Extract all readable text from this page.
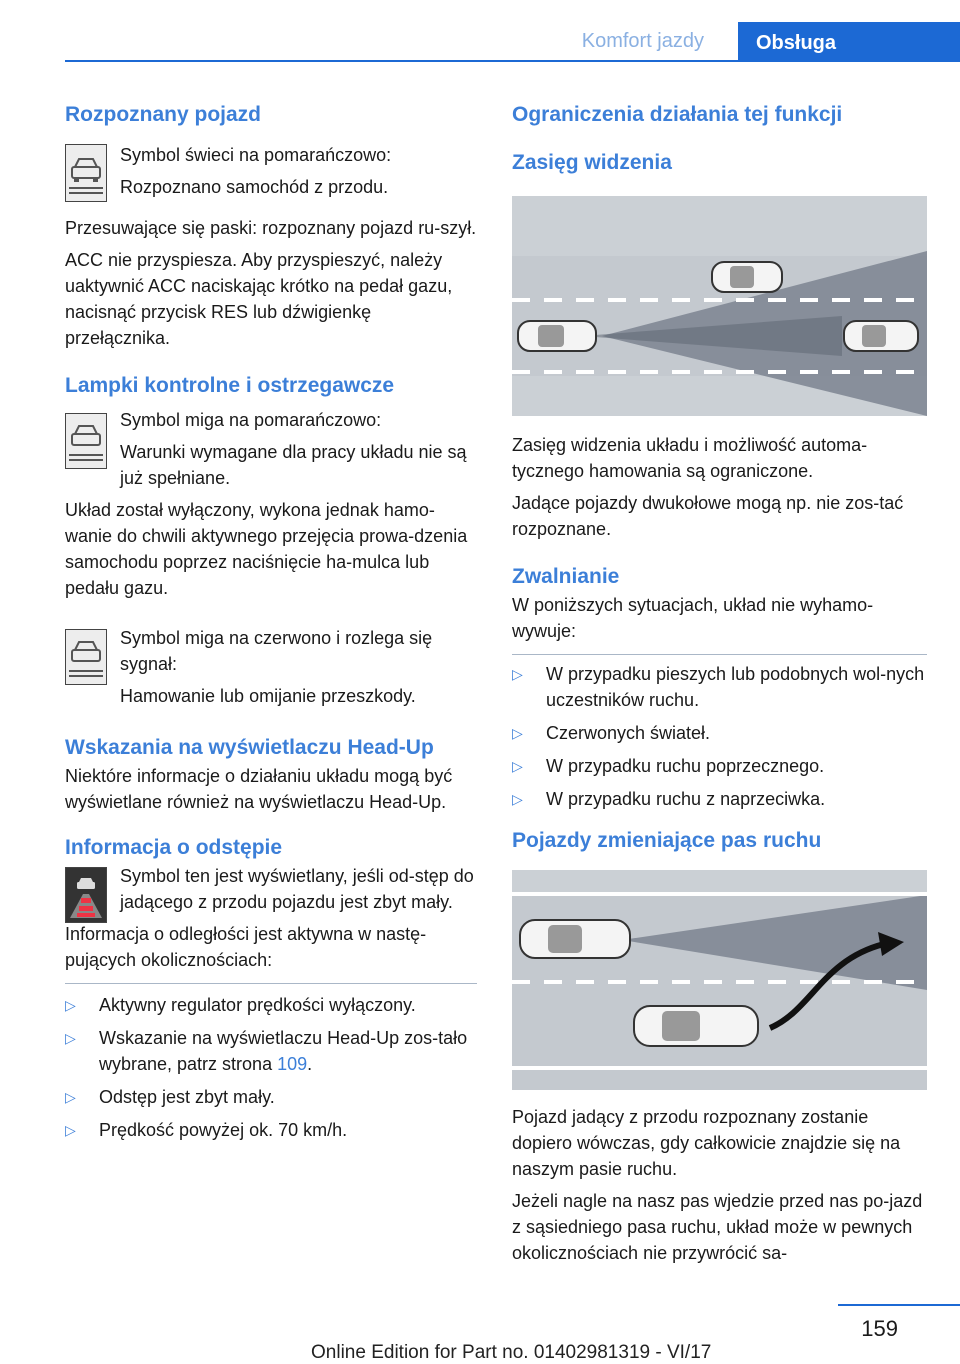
Komfort jazdy	Obsługa
Rozpoznany pojazd

Symbol świeci na pomarańczowo:

Rozpoznano samochód z przodu.

Przesuwające się paski: rozpoznany pojazd ru-szył.

ACC nie przyspiesza. Aby przyspieszyć, należy uaktywnić ACC naciskając krótko na pedał gazu, nacisnąć przycisk RES lub dźwigienkę przełącznika.

Lampki kontrolne i ostrzegawcze

Symbol miga na pomarańczowo:

Warunki wymagane dla pracy układu nie są już spełniane.

Układ został wyłączony, wykona jednak hamo-wanie do chwili aktywnego przejęcia prowa-dzenia samochodu poprzez naciśnięcie ha-mulca lub pedału gazu.

Symbol miga na czerwono i rozlega się sygnał:

Hamowanie lub omijanie przeszkody.

Wskazania na wyświetlaczu Head-Up

Niektóre informacje o działaniu układu mogą być wyświetlane również na wyświetlaczu Head-Up.

Informacja o odstępie

Symbol ten jest wyświetlany, jeśli od-stęp do jadącego z przodu pojazdu jest zbyt mały.

Informacja o odległości jest aktywna w nastę-pujących okolicznościach:

▷ Aktywny regulator prędkości wyłączony.
▷ Wskazanie na wyświetlaczu Head-Up zos-tało wybrane, patrz strona 109.
▷ Odstęp jest zbyt mały.
▷ Prędkość powyżej ok. 70 km/h.
Ograniczenia działania tej funkcji
Zasięg widzenia

Zasięg widzenia układu i możliwość automa-tycznego hamowania są ograniczone.

Jadące pojazdy dwukołowe mogą np. nie zos-tać rozpoznane.

Zwalnianie

W poniższych sytuacjach, układ nie wyhamo-wywuje:

▷ W przypadku pieszych lub podobnych wol-nych uczestników ruchu.
▷ Czerwonych świateł.
▷ W przypadku ruchu poprzecznego.
▷ W przypadku ruchu z naprzeciwka.
Pojazdy zmieniające pas ruchu

Pojazd jadący z przodu rozpoznany zostanie dopiero wówczas, gdy całkowicie znajdzie się na naszym pasie ruchu.

Jeżeli nagle na nasz pas wjedzie przed nas po-jazd z sąsiedniego pasa ruchu, układ może w pewnych okolicznościach nie przywrócić sa-

159
Online Edition for Part no. 01402981319 - VI/17
